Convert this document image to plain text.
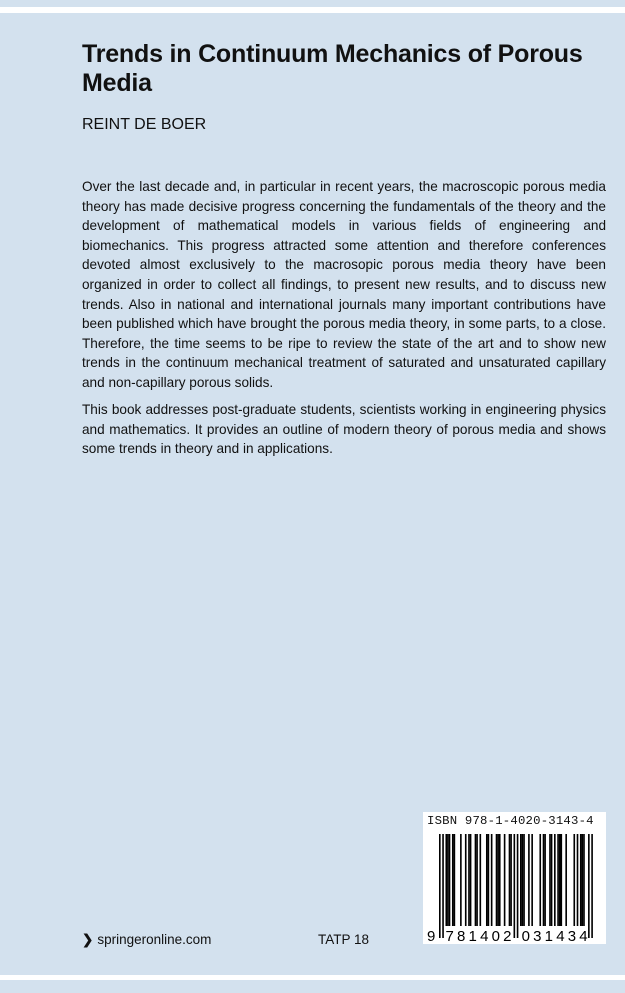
Trends in Continuum Mechanics of Porous Media
REINT DE BOER

Over the last decade and, in particular in recent years, the macroscopic porous media theory has made decisive progress concerning the fundamentals of the theory and the development of mathematical models in various fields of engineering and biomechanics. This progress attracted some attention and therefore conferences devoted almost exclusively to the macrosopic porous media theory have been organized in order to collect all findings, to present new results, and to discuss new trends. Also in national and international journals many important contributions have been published which have brought the porous media theory, in some parts, to a close. Therefore, the time seems to be ripe to review the state of the art and to show new trends in the continuum mechanical treatment of saturated and unsaturated capillary and non-capillary porous solids.

This book addresses post-graduate students, scientists working in engineering physics and mathematics. It provides an outline of modern theory of porous media and shows some trends in theory and in applications.

ISBN 978-1-4020-3143-4
9 781402 031434
❯ springeronline.com	TATP 18
